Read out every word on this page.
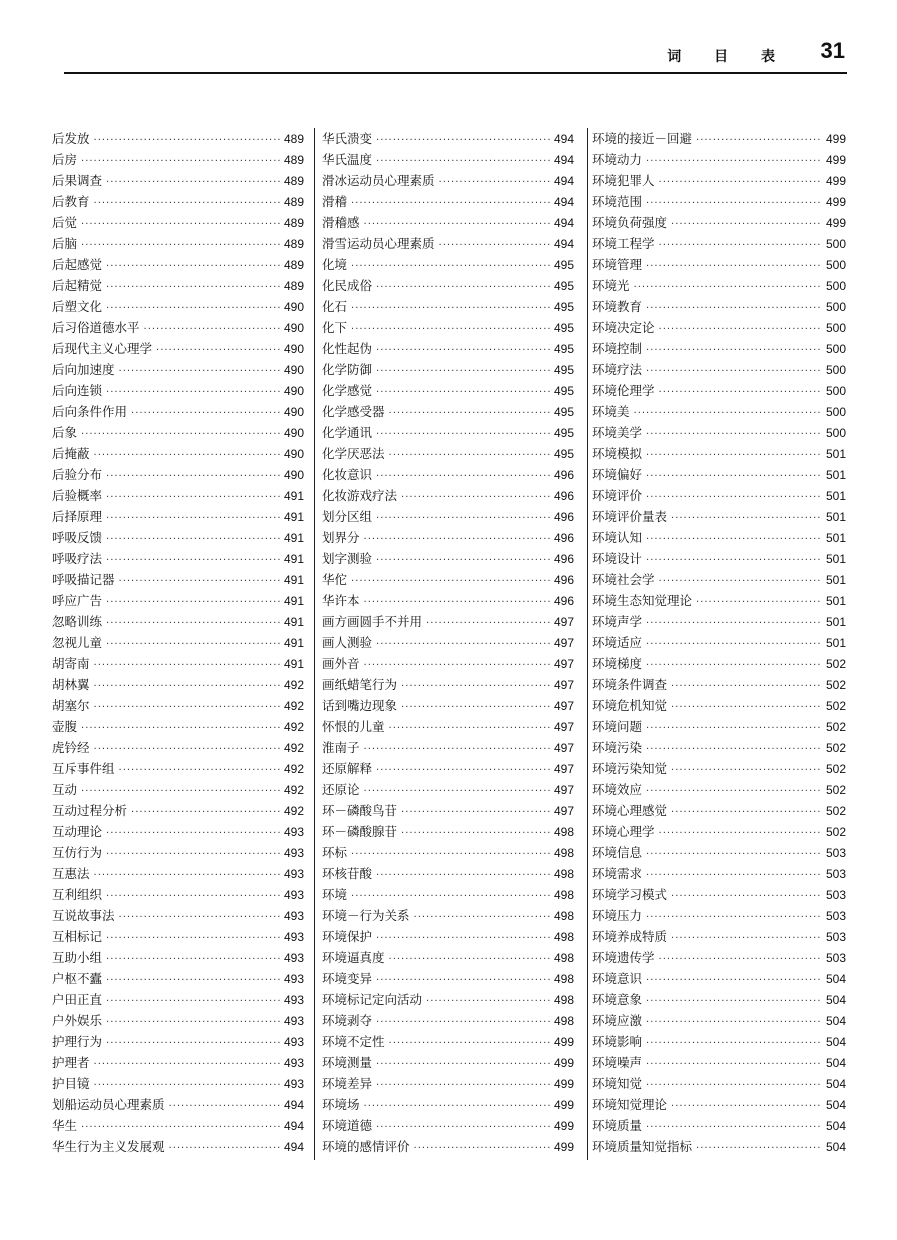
词 目 表 31
后发放 ·····	489
后房 ·····	489
后果调查 ·····	489
后教育 ·····	489
后觉 ·····	489
后脑 ·····	489
后起感觉 ·····	489
后起精觉 ·····	489
后塑文化 ·····	490
后习俗道德水平 ·····	490
后现代主义心理学 ·····	490
后向加速度 ·····	490
后向连锁 ·····	490
后向条件作用 ·····	490
后象 ·····	490
后掩蔽 ·····	490
后验分布 ·····	490
后验概率 ·····	491
后择原理 ·····	491
呼吸反馈 ·····	491
呼吸疗法 ·····	491
呼吸描记器 ·····	491
呼应广告 ·····	491
忽略训练 ·····	491
忽视儿童 ·····	491
胡寄南 ·····	491
胡林翼 ·····	492
胡塞尔 ·····	492
壶腹 ·····	492
虎钤经 ·····	492
互斥事件组 ·····	492
互动 ·····	492
互动过程分析 ·····	492
互动理论 ·····	493
互仿行为 ·····	493
互惠法 ·····	493
互利组织 ·····	493
互说故事法 ·····	493
互相标记 ·····	493
互助小组 ·····	493
户枢不蠹 ·····	493
户田正直 ·····	493
户外娱乐 ·····	493
护理行为 ·····	493
护理者 ·····	493
护目镜 ·····	493
划船运动员心理素质 ·····	494
华生 ·····	494
华生行为主义发展观 ·····	494
华氏溃变 ·····	494
华氏温度 ·····	494
滑冰运动员心理素质 ·····	494
滑稽 ·····	494
滑稽感 ·····	494
滑雪运动员心理素质 ·····	494
化境 ·····	495
化民成俗 ·····	495
化石 ·····	495
化下 ·····	495
化性起伪 ·····	495
化学防御 ·····	495
化学感觉 ·····	495
化学感受器 ·····	495
化学通讯 ·····	495
化学厌恶法 ·····	495
化妆意识 ·····	496
化妆游戏疗法 ·····	496
划分区组 ·····	496
划界分 ·····	496
划字测验 ·····	496
华佗 ·····	496
华许本 ·····	496
画方画圆手不并用 ·····	497
画人测验 ·····	497
画外音 ·····	497
画纸蜡笔行为 ·····	497
话到嘴边现象 ·····	497
怀恨的儿童 ·····	497
淮南子 ·····	497
还原解释 ·····	497
还原论 ·····	497
环－磷酸鸟苷 ·····	497
环－磷酸腺苷 ·····	498
环标 ·····	498
环核苷酸 ·····	498
环境 ·····	498
环境－行为关系 ·····	498
环境保护 ·····	498
环境逼真度 ·····	498
环境变异 ·····	498
环境标记定向活动 ·····	498
环境剥夺 ·····	498
环境不定性 ·····	499
环境测量 ·····	499
环境差异 ·····	499
环境场 ·····	499
环境道德 ·····	499
环境的感情评价 ·····	499
环境的接近－回避 ·····	499
环境动力 ·····	499
环境犯罪人 ·····	499
环境范围 ·····	499
环境负荷强度 ·····	499
环境工程学 ·····	500
环境管理 ·····	500
环境光 ·····	500
环境教育 ·····	500
环境决定论 ·····	500
环境控制 ·····	500
环境疗法 ·····	500
环境伦理学 ·····	500
环境美 ·····	500
环境美学 ·····	500
环境模拟 ·····	501
环境偏好 ·····	501
环境评价 ·····	501
环境评价量表 ·····	501
环境认知 ·····	501
环境设计 ·····	501
环境社会学 ·····	501
环境生态知觉理论 ·····	501
环境声学 ·····	501
环境适应 ·····	501
环境梯度 ·····	502
环境条件调查 ·····	502
环境危机知觉 ·····	502
环境问题 ·····	502
环境污染 ·····	502
环境污染知觉 ·····	502
环境效应 ·····	502
环境心理感觉 ·····	502
环境心理学 ·····	502
环境信息 ·····	503
环境需求 ·····	503
环境学习模式 ·····	503
环境压力 ·····	503
环境养成特质 ·····	503
环境遗传学 ·····	503
环境意识 ·····	504
环境意象 ·····	504
环境应激 ·····	504
环境影响 ·····	504
环境噪声 ·····	504
环境知觉 ·····	504
环境知觉理论 ·····	504
环境质量 ·····	504
环境质量知觉指标 ·····	504
